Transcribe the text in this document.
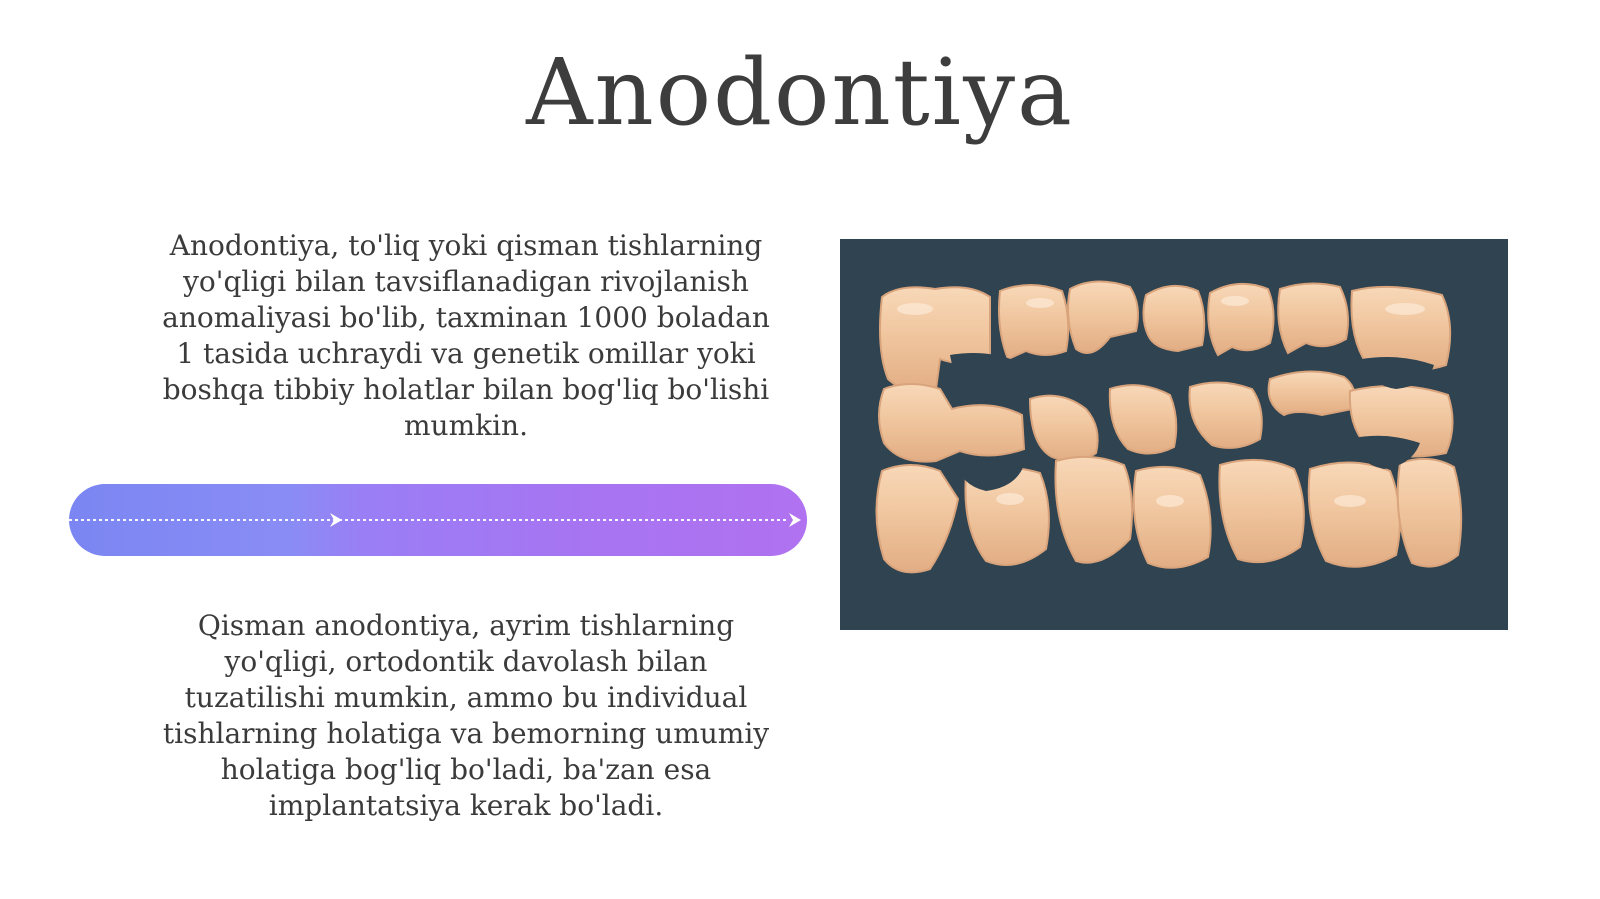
Anodontiya
Anodontiya, to'liq yoki qisman tishlarning yo'qligi bilan tavsiflanadigan rivojlanish anomaliyasi bo'lib, taxminan 1000 boladan 1 tasida uchraydi va genetik omillar yoki boshqa tibbiy holatlar bilan bog'liq bo'lishi mumkin.
Qisman anodontiya, ayrim tishlarning yo'qligi, ortodontik davolash bilan tuzatilishi mumkin, ammo bu individual tishlarning holatiga va bemorning umumiy holatiga bog'liq bo'ladi, ba'zan esa implantatsiya kerak bo'ladi.
